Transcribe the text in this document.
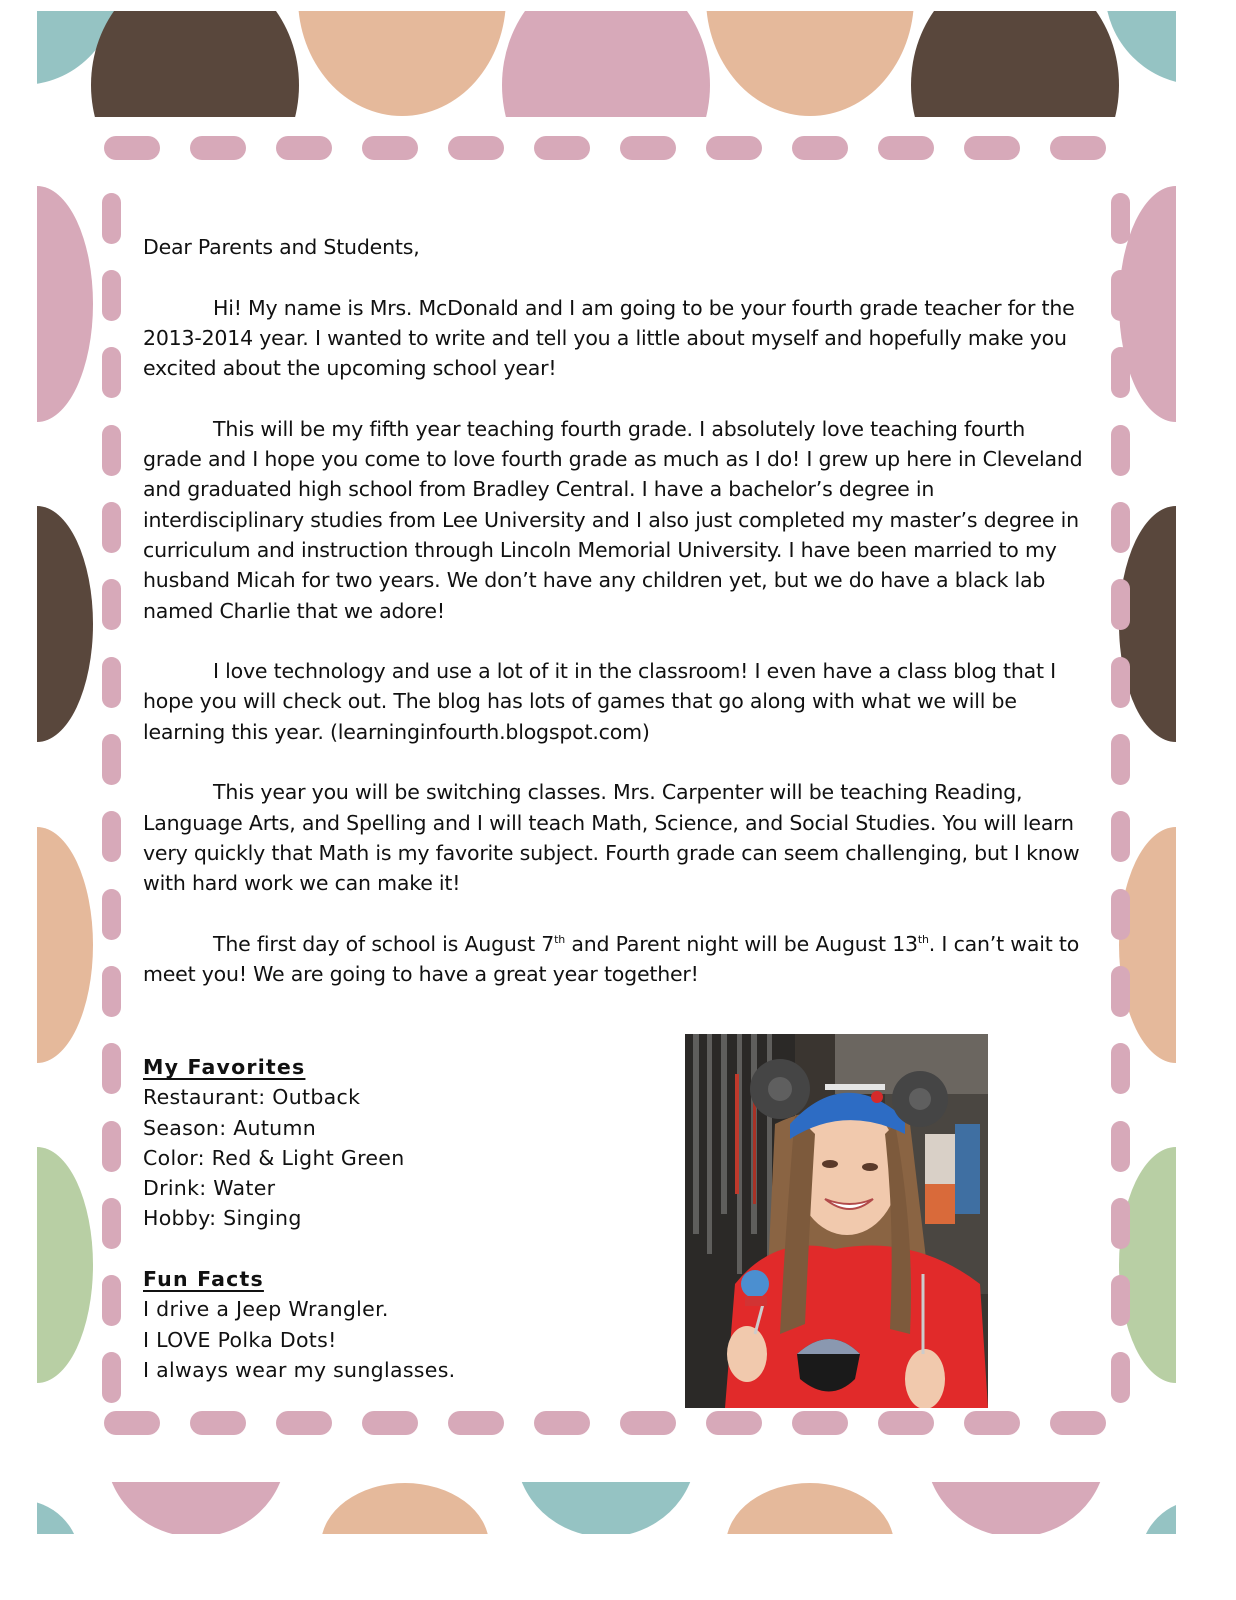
Dear Parents and Students,

Hi! My name is Mrs. McDonald and I am going to be your fourth grade teacher for the 2013-2014 year. I wanted to write and tell you a little about myself and hopefully make you excited about the upcoming school year!

This will be my fifth year teaching fourth grade. I absolutely love teaching fourth grade and I hope you come to love fourth grade as much as I do! I grew up here in Cleveland and graduated high school from Bradley Central. I have a bachelor’s degree in interdisciplinary studies from Lee University and I also just completed my master’s degree in curriculum and instruction through Lincoln Memorial University. I have been married to my husband Micah for two years. We don’t have any children yet, but we do have a black lab named Charlie that we adore!

I love technology and use a lot of it in the classroom! I even have a class blog that I hope you will check out. The blog has lots of games that go along with what we will be learning this year. (learninginfourth.blogspot.com)

This year you will be switching classes. Mrs. Carpenter will be teaching Reading, Language Arts, and Spelling and I will teach Math, Science, and Social Studies. You will learn very quickly that Math is my favorite subject. Fourth grade can seem challenging, but I know with hard work we can make it!

The first day of school is August 7th and Parent night will be August 13th. I can’t wait to meet you! We are going to have a great year together!

My Favorites
Restaurant: Outback
Season: Autumn
Color: Red & Light Green
Drink: Water
Hobby: Singing
Fun Facts
I drive a Jeep Wrangler.
I LOVE Polka Dots!
I always wear my sunglasses.
